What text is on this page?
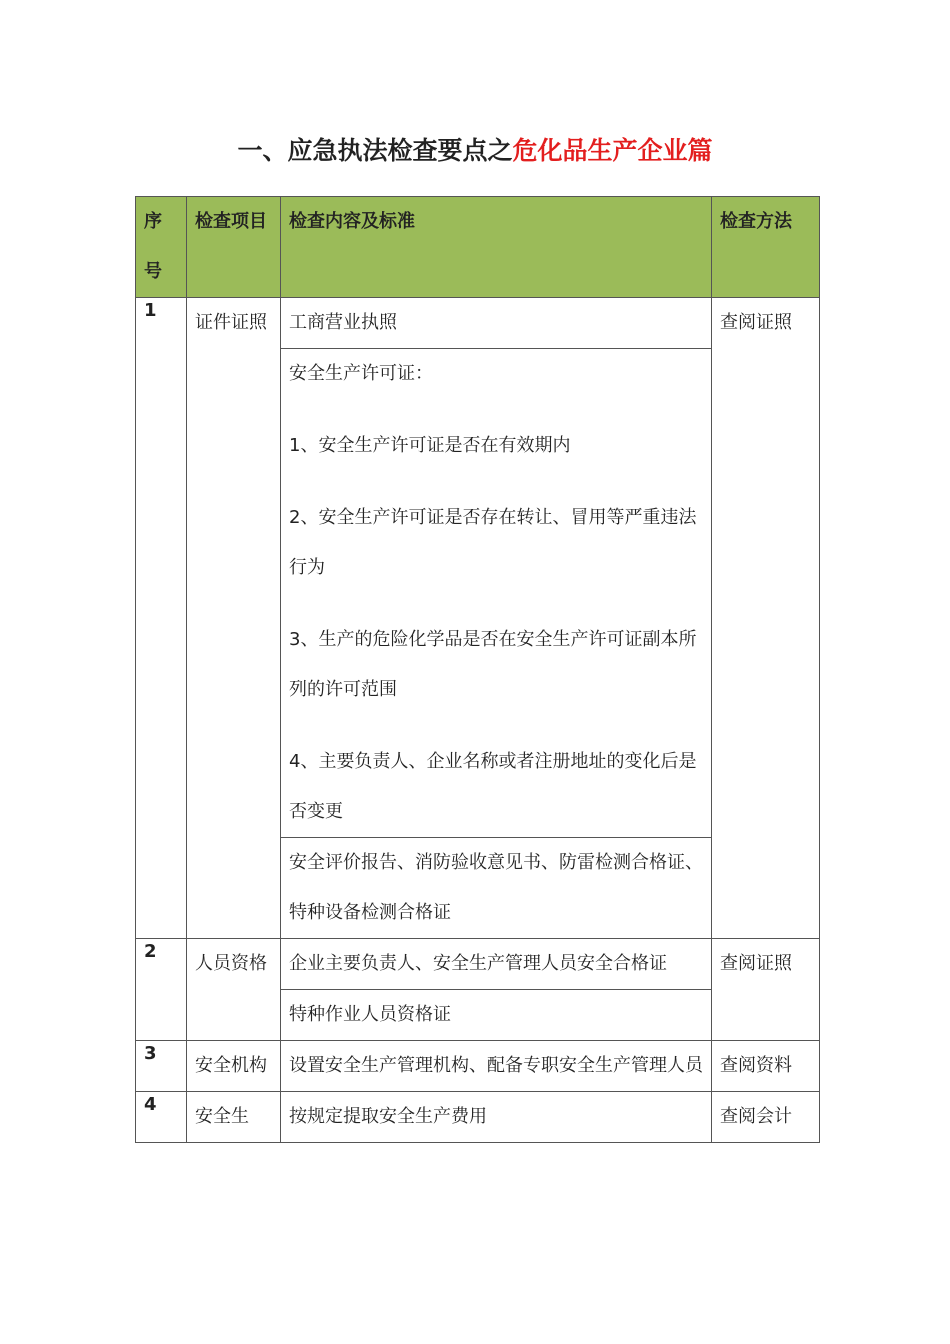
一、应急执法检查要点之危化品生产企业篇
序号	检查项目	检查内容及标准	检查方法
1	证件证照	工商营业执照	查阅证照

		安全生产许可证：
1、安全生产许可证是否在有效期内
2、安全生产许可证是否存在转让、冒用等严重违法行为
3、生产的危险化学品是否在安全生产许可证副本所列的许可范围
4、主要负责人、企业名称或者注册地址的变化后是否变更	

		安全评价报告、消防验收意见书、防雷检测合格证、特种设备检测合格证	
2	人员资格	企业主要负责人、安全生产管理人员安全合格证	查阅证照
		特种作业人员资格证	
3	安全机构	设置安全生产管理机构、配备专职安全生产管理人员	查阅资料
4	安全生	按规定提取安全生产费用	查阅会计
